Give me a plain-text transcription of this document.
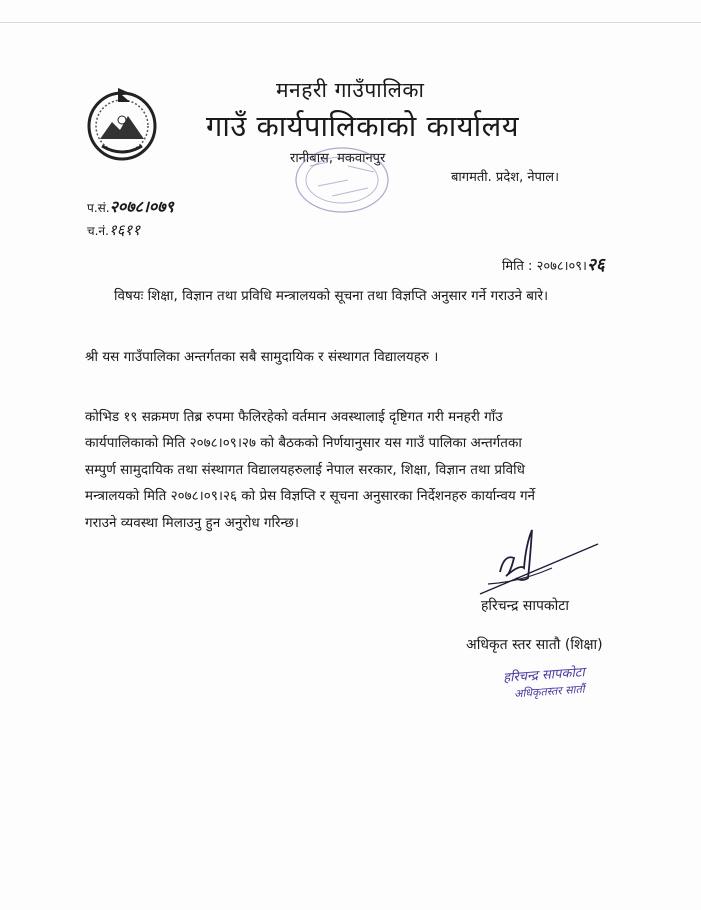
मनहरी गाउँपालिका
गाउँ कार्यपालिकाको कार्यालय
रानीबास, मकवानपुर
बागमती. प्रदेश, नेपाल।
प.सं.२०७८।०७९
च.नं.१६११
मिति : २०७८।०९।२६
विषयः शिक्षा, विज्ञान तथा प्रविधि मन्त्रालयको सूचना तथा विज्ञप्ति अनुसार गर्ने गराउने बारे।
श्री यस गाउँपालिका अन्तर्गतका सबै सामुदायिक र संस्थागत विद्यालयहरु ।
कोभिड १९ सक्रमण तिब्र रुपमा फैलिरहेको वर्तमान अवस्थालाई दृष्टिगत गरी मनहरी गाँउ
कार्यपालिकाको मिति २०७८।०९।२७ को बैठकको निर्णयानुसार यस गाउँ पालिका अन्तर्गतका
सम्पुर्ण सामुदायिक तथा संस्थागत विद्यालयहरुलाई नेपाल सरकार, शिक्षा, विज्ञान तथा प्रविधि
मन्त्रालयको मिति २०७८।०९।२६ को प्रेस विज्ञप्ति र सूचना अनुसारका निर्देशनहरु कार्यान्वय गर्ने
गराउने व्यवस्था मिलाउनु हुन अनुरोध गरिन्छ।
हरिचन्द्र सापकोटा
अधिकृत स्तर सातौ (शिक्षा)
हरिचन्द्र सापकोटा
अधिकृतस्तर सातौं
